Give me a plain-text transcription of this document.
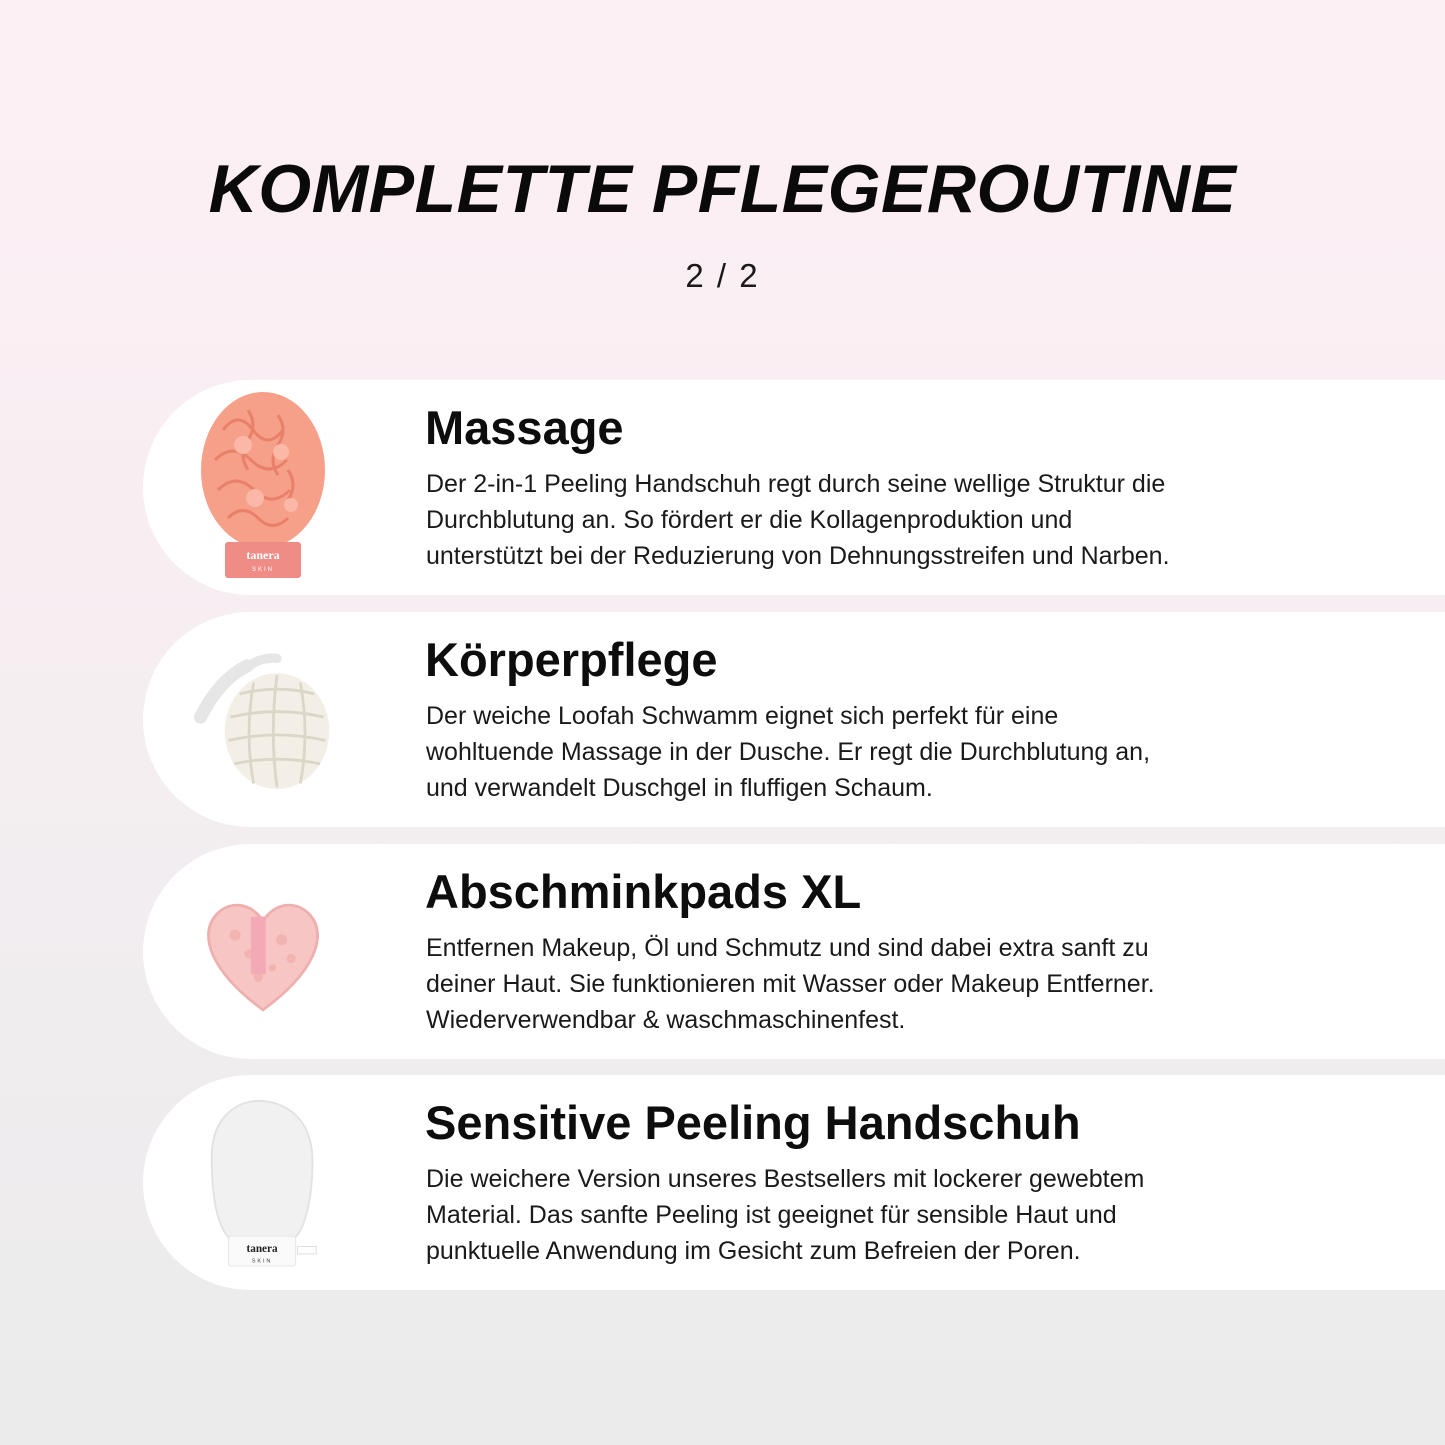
KOMPLETTE PFLEGEROUTINE
2 / 2
tanera
SKIN
Massage
Der 2-in-1 Peeling Handschuh regt durch seine wellige Struktur die
Durchblutung an. So fördert er die Kollagenproduktion und
unterstützt bei der Reduzierung von Dehnungsstreifen und Narben.
Körperpflege
Der weiche Loofah Schwamm eignet sich perfekt für eine
wohltuende Massage in der Dusche. Er regt die Durchblutung an,
und verwandelt Duschgel in fluffigen Schaum.
Abschminkpads XL
Entfernen Makeup, Öl und Schmutz und sind dabei extra sanft zu
deiner Haut. Sie funktionieren mit Wasser oder Makeup Entferner.
Wiederverwendbar & waschmaschinenfest.
tanera
SKIN
Sensitive Peeling Handschuh
Die weichere Version unseres Bestsellers mit lockerer gewebtem
Material. Das sanfte Peeling ist geeignet für sensible Haut und
punktuelle Anwendung im Gesicht zum Befreien der Poren.
